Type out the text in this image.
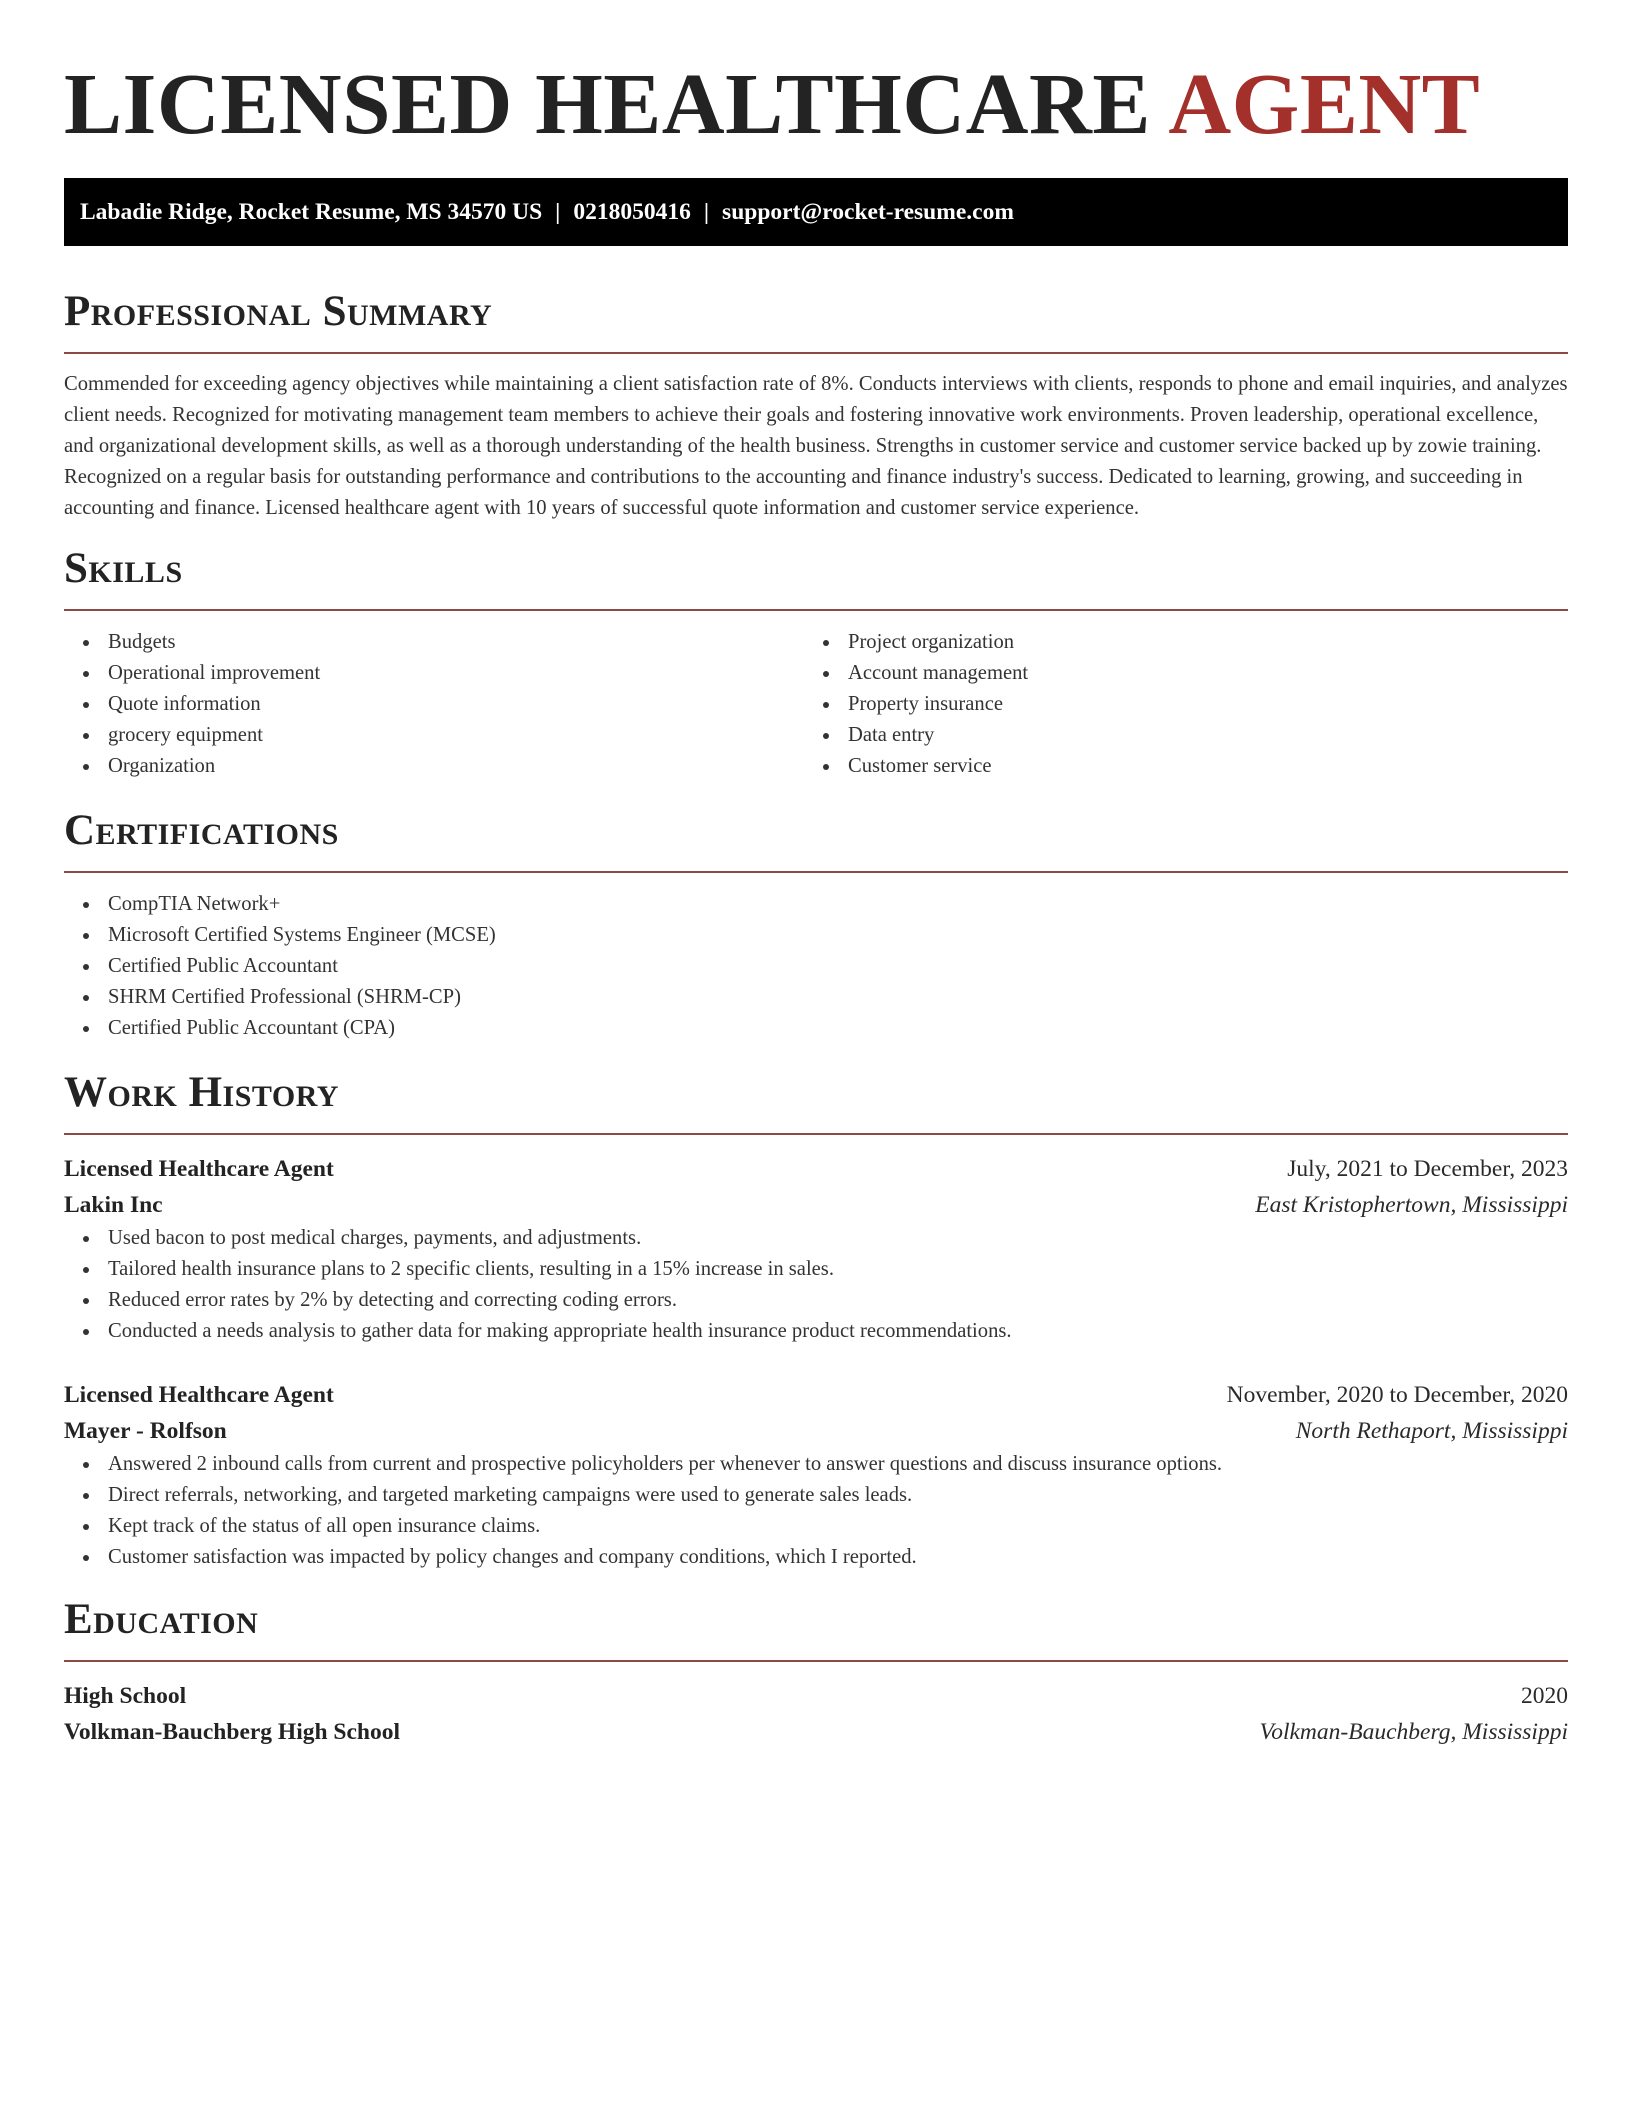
LICENSED HEALTHCARE AGENT
Labadie Ridge, Rocket Resume, MS 34570 US | 0218050416 | support@rocket-resume.com
Professional Summary

Commended for exceeding agency objectives while maintaining a client satisfaction rate of 8%. Conducts interviews with clients, responds to phone and email inquiries, and analyzes client needs. Recognized for motivating management team members to achieve their goals and fostering innovative work environments. Proven leadership, operational excellence, and organizational development skills, as well as a thorough understanding of the health business. Strengths in customer service and customer service backed up by zowie training. Recognized on a regular basis for outstanding performance and contributions to the accounting and finance industry's success. Dedicated to learning, growing, and succeeding in accounting and finance. Licensed healthcare agent with 10 years of successful quote information and customer service experience.

Skills
Budgets
Operational improvement
Quote information
grocery equipment
Organization
Project organization
Account management
Property insurance
Data entry
Customer service
Certifications
CompTIA Network+
Microsoft Certified Systems Engineer (MCSE)
Certified Public Accountant
SHRM Certified Professional (SHRM-CP)
Certified Public Accountant (CPA)
Work History
Licensed Healthcare Agent	July, 2021 to December, 2023
Lakin Inc	East Kristophertown, Mississippi
Used bacon to post medical charges, payments, and adjustments.
Tailored health insurance plans to 2 specific clients, resulting in a 15% increase in sales.
Reduced error rates by 2% by detecting and correcting coding errors.
Conducted a needs analysis to gather data for making appropriate health insurance product recommendations.
Licensed Healthcare Agent	November, 2020 to December, 2020
Mayer - Rolfson	North Rethaport, Mississippi
Answered 2 inbound calls from current and prospective policyholders per whenever to answer questions and discuss insurance options.
Direct referrals, networking, and targeted marketing campaigns were used to generate sales leads.
Kept track of the status of all open insurance claims.
Customer satisfaction was impacted by policy changes and company conditions, which I reported.
Education
High School	2020
Volkman-Bauchberg High School	Volkman-Bauchberg, Mississippi
